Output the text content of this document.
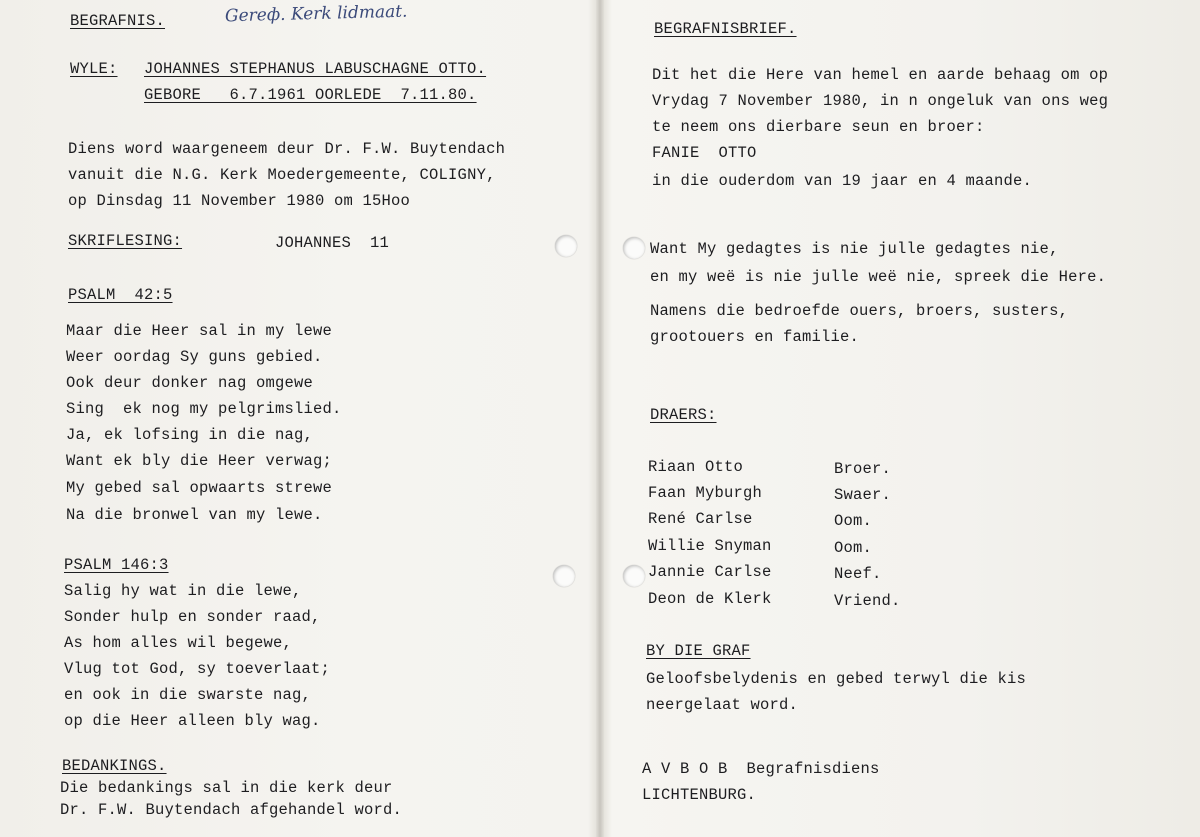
BEGRAFNIS.	Gereф. Kerk lidmaat.
WYLE: JOHANNES STEPHANUS LABUSCHAGNE OTTO.
GEBORE   6.7.1961 OORLEDE  7.11.80.
Diens word waargeneem deur Dr. F.W. Buytendach
vanuit die N.G. Kerk Moedergemeente, COLIGNY,
op Dinsdag 11 November 1980 om 15Hoo
SKRIFLESING:	JOHANNES  11
PSALM  42:5
Maar die Heer sal in my lewe
Weer oordag Sy guns gebied.
Ook deur donker nag omgewe
Sing  ek nog my pelgrimslied.
Ja, ek lofsing in die nag,
Want ek bly die Heer verwag;
My gebed sal opwaarts strewe
Na die bronwel van my lewe.
PSALM 146:3
Salig hy wat in die lewe,
Sonder hulp en sonder raad,
As hom alles wil begewe,
Vlug tot God, sy toeverlaat;
en ook in die swarste nag,
op die Heer alleen bly wag.
BEDANKINGS.
Die bedankings sal in die kerk deur
Dr. F.W. Buytendach afgehandel word.
BEGRAFNISBRIEF.
Dit het die Here van hemel en aarde behaag om op
Vrydag 7 November 1980, in n ongeluk van ons weg
te neem ons dierbare seun en broer:
FANIE  OTTO
in die ouderdom van 19 jaar en 4 maande.
Want My gedagtes is nie julle gedagtes nie,
en my weë is nie julle weë nie, spreek die Here.
Namens die bedroefde ouers, broers, susters,
grootouers en familie.
DRAERS:
Riaan Otto	Broer.
Faan Myburgh	Swaer.
René Carlse	Oom.
Willie Snyman	Oom.
Jannie Carlse	Neef.
Deon de Klerk	Vriend.
BY DIE GRAF
Geloofsbelydenis en gebed terwyl die kis
neergelaat word.
A V B O B  Begrafnisdiens
LICHTENBURG.
